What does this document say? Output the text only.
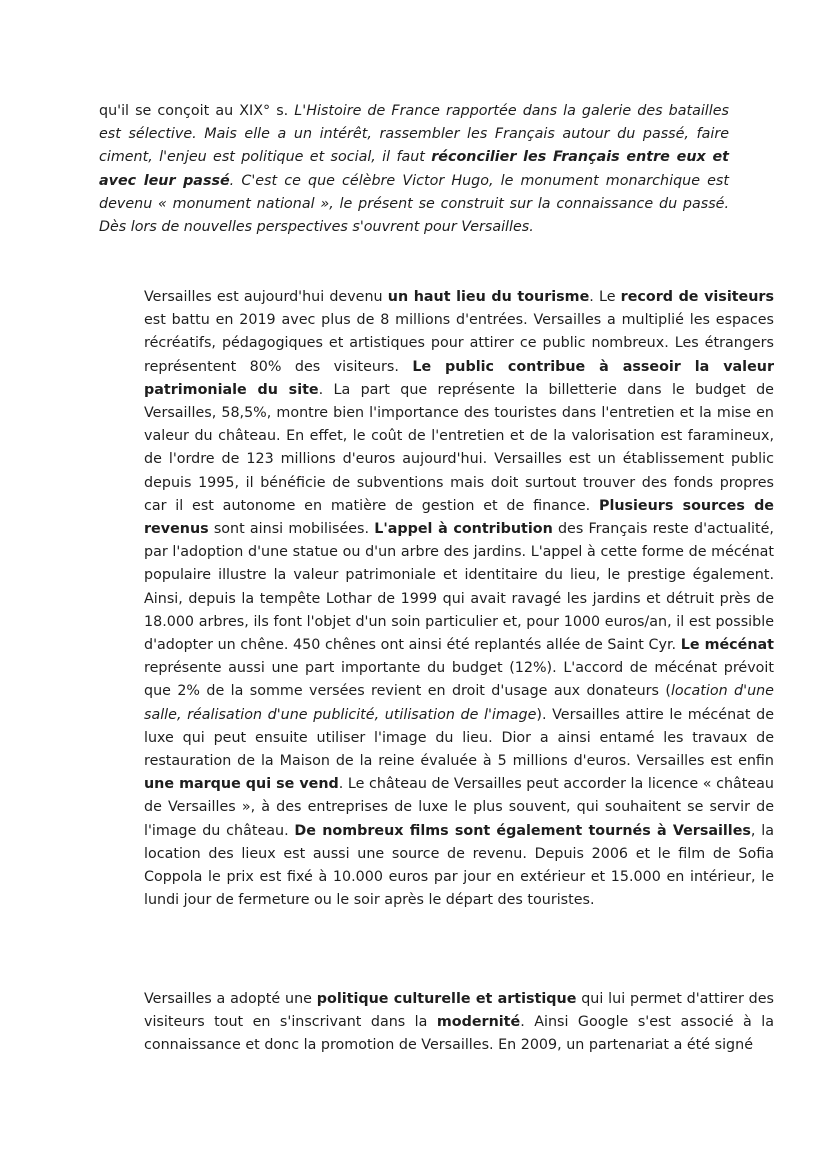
qu'il se conçoit au XIX° s. L'Histoire de France rapportée dans la galerie des batailles est sélective. Mais elle a un intérêt, rassembler les Français autour du passé, faire ciment, l'enjeu est politique et social, il faut réconcilier les Français entre eux et avec leur passé. C'est ce que célèbre Victor Hugo, le monument monarchique est devenu « monument national », le présent se construit sur la connaissance du passé. Dès lors de nouvelles perspectives s'ouvrent pour Versailles.

Versailles est aujourd'hui devenu un haut lieu du tourisme. Le record de visiteurs est battu en 2019 avec plus de 8 millions d'entrées. Versailles a multiplié les espaces récréatifs, pédagogiques et artistiques pour attirer ce public nombreux. Les étrangers représentent 80% des visiteurs. Le public contribue à asseoir la valeur patrimoniale du site. La part que représente la billetterie dans le budget de Versailles, 58,5%, montre bien l'importance des touristes dans l'entretien et la mise en valeur du château. En effet, le coût de l'entretien et de la valorisation est faramineux, de l'ordre de 123 millions d'euros aujourd'hui. Versailles est un établissement public depuis 1995, il bénéficie de subventions mais doit surtout trouver des fonds propres car il est autonome en matière de gestion et de finance. Plusieurs sources de revenus sont ainsi mobilisées. L'appel à contribution des Français reste d'actualité, par l'adoption d'une statue ou d'un arbre des jardins. L'appel à cette forme de mécénat populaire illustre la valeur patrimoniale et identitaire du lieu, le prestige également. Ainsi, depuis la tempête Lothar de 1999 qui avait ravagé les jardins et détruit près de 18.000 arbres, ils font l'objet d'un soin particulier et, pour 1000 euros/an, il est possible d'adopter un chêne. 450 chênes ont ainsi été replantés allée de Saint Cyr. Le mécénat représente aussi une part importante du budget (12%). L'accord de mécénat prévoit que 2% de la somme versées revient en droit d'usage aux donateurs (location d'une salle, réalisation d'une publicité, utilisation de l'image). Versailles attire le mécénat de luxe qui peut ensuite utiliser l'image du lieu. Dior a ainsi entamé les travaux de restauration de la Maison de la reine évaluée à 5 millions d'euros. Versailles est enfin une marque qui se vend. Le château de Versailles peut accorder la licence « château de Versailles », à des entreprises de luxe le plus souvent, qui souhaitent se servir de l'image du château. De nombreux films sont également tournés à Versailles, la location des lieux est aussi une source de revenu. Depuis 2006 et le film de Sofia Coppola le prix est fixé à 10.000 euros par jour en extérieur et 15.000 en intérieur, le lundi jour de fermeture ou le soir après le départ des touristes.

Versailles a adopté une politique culturelle et artistique qui lui permet d'attirer des visiteurs tout en s'inscrivant dans la modernité. Ainsi Google s'est associé à la connaissance et donc la promotion de Versailles. En 2009, un partenariat a été signé
